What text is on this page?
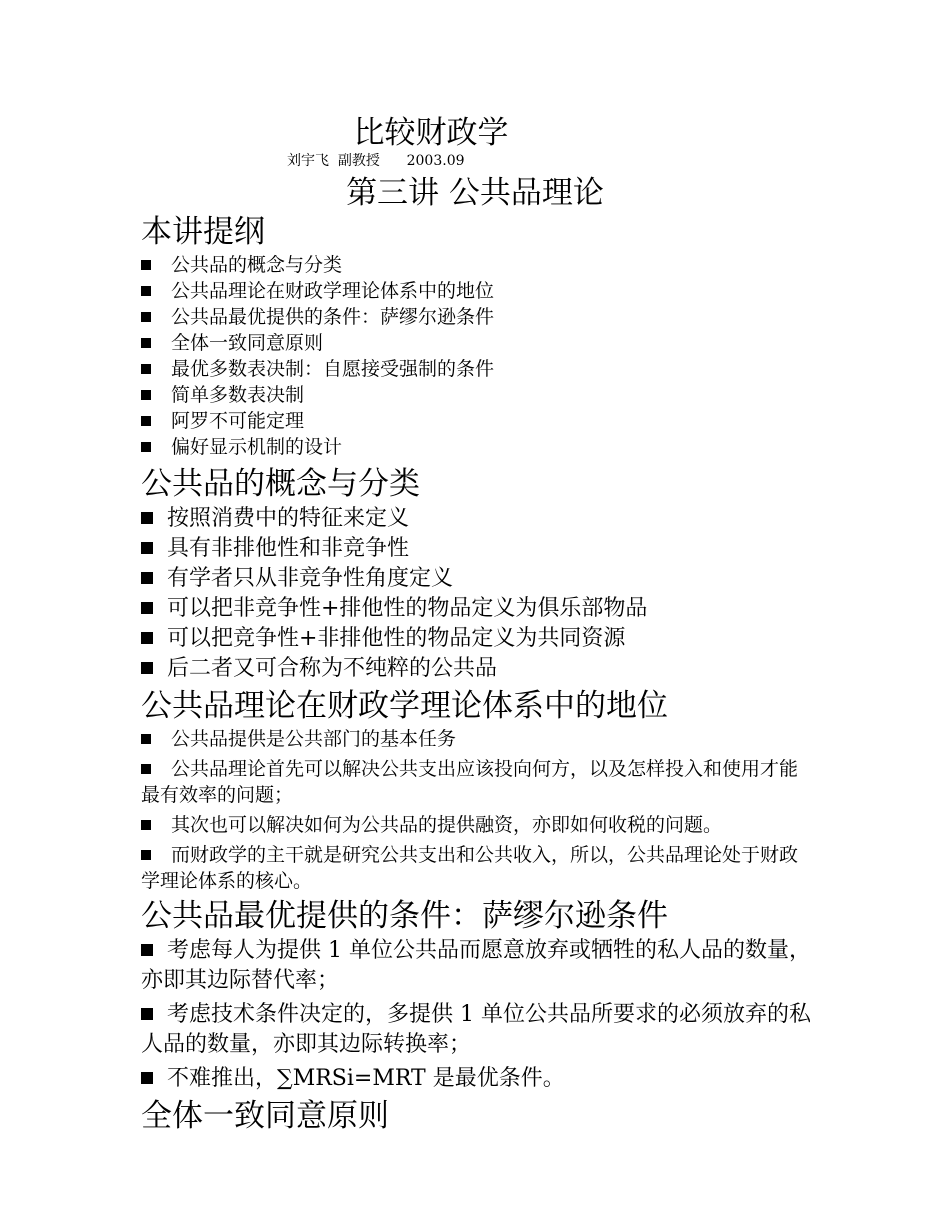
比较财政学
刘宇飞 副教授 2003.09
第三讲 公共品理论
本讲提纲
公共品的概念与分类
公共品理论在财政学理论体系中的地位
公共品最优提供的条件：萨缪尔逊条件
全体一致同意原则
最优多数表决制：自愿接受强制的条件
简单多数表决制
阿罗不可能定理
偏好显示机制的设计
公共品的概念与分类
按照消费中的特征来定义
具有非排他性和非竞争性
有学者只从非竞争性角度定义
可以把非竞争性+排他性的物品定义为俱乐部物品
可以把竞争性+非排他性的物品定义为共同资源
后二者又可合称为不纯粹的公共品
公共品理论在财政学理论体系中的地位
公共品提供是公共部门的基本任务
公共品理论首先可以解决公共支出应该投向何方，以及怎样投入和使用才能最有效率的问题；
其次也可以解决如何为公共品的提供融资，亦即如何收税的问题。
而财政学的主干就是研究公共支出和公共收入，所以，公共品理论处于财政学理论体系的核心。
公共品最优提供的条件：萨缪尔逊条件
考虑每人为提供 1 单位公共品而愿意放弃或牺牲的私人品的数量，亦即其边际替代率；
考虑技术条件决定的，多提供 1 单位公共品所要求的必须放弃的私人品的数量，亦即其边际转换率；
不难推出，∑MRSi=MRT 是最优条件。
全体一致同意原则
